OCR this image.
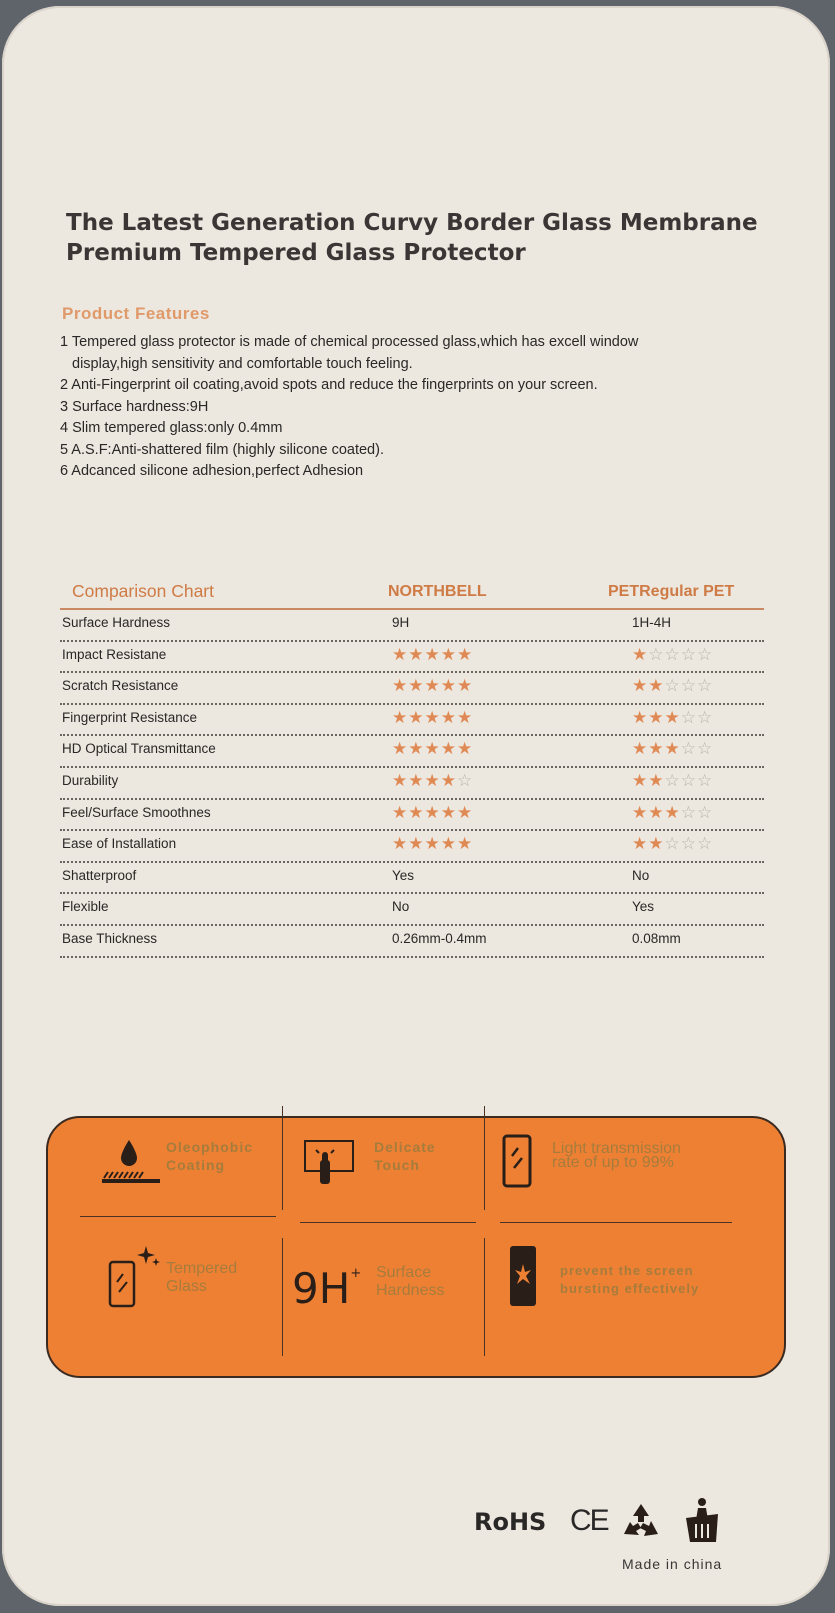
The Latest Generation Curvy Border Glass Membrane
Premium Tempered Glass Protector
Product Features
1 Tempered glass protector is made of chemical processed glass,which has excell window
display,high sensitivity and comfortable touch feeling.
2 Anti-Fingerprint oil coating,avoid spots and reduce the fingerprints on your screen.
3 Surface hardness:9H
4 Slim tempered glass:only 0.4mm
5 A.S.F:Anti-shattered film (highly silicone coated).
6 Adcanced silicone adhesion,perfect Adhesion
Comparison Chart	NORTHBELL	PETRegular PET
Surface Hardness	9H	1H-4H
Impact Resistane	★★★★★	★☆☆☆☆
Scratch Resistance	★★★★★	★★☆☆☆
Fingerprint Resistance	★★★★★	★★★☆☆
HD Optical Transmittance	★★★★★	★★★☆☆
Durability	★★★★☆	★★☆☆☆
Feel/Surface Smoothnes	★★★★★	★★★☆☆
Ease of Installation	★★★★★	★★☆☆☆
Shatterproof	Yes	No
Flexible	No	Yes
Base Thickness	0.26mm-0.4mm	0.08mm
Oleophobic
Coating
Delicate
Touch
Light transmission
rate of up to 99%
Tempered
Glass	9H+ Surface
Hardness
prevent the screen
bursting effectively
RoHS CE
Made in china
